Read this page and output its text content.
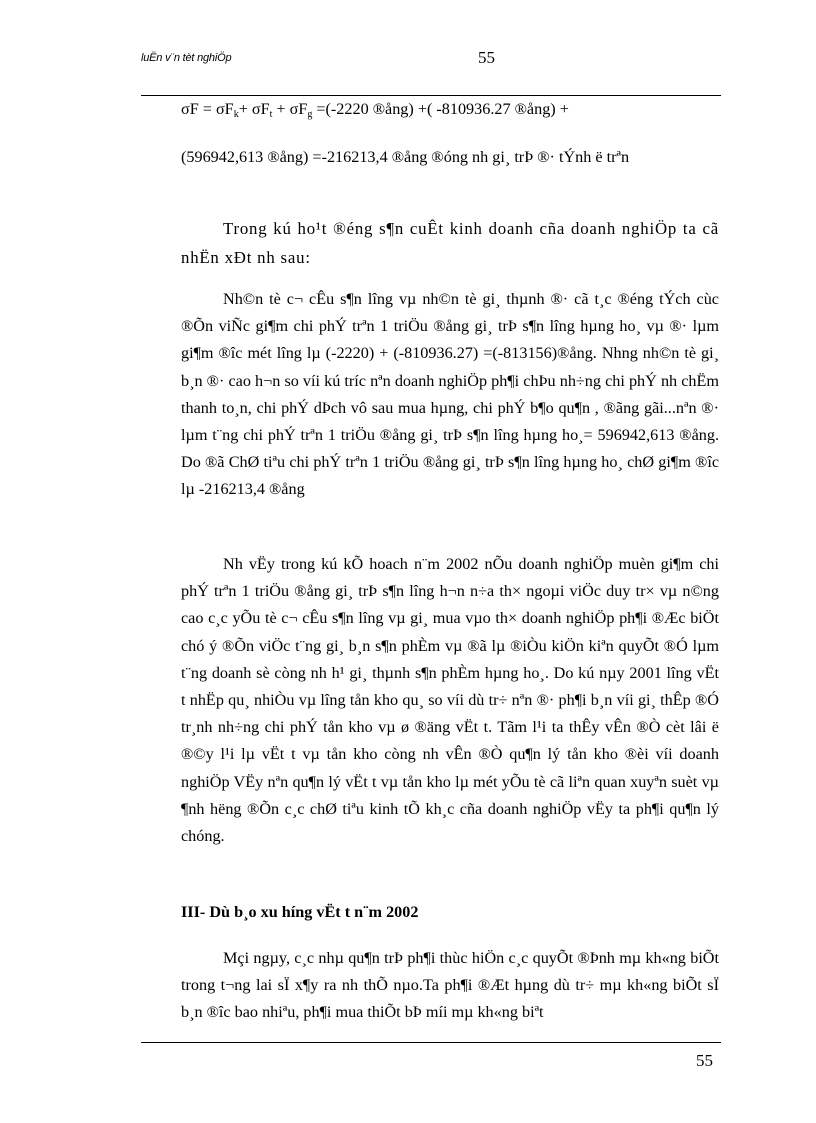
luËn v¨n tèt nghiÖp	55
$\sigma F = \sigma F_k+ \sigma F_t + \sigma F_g =(-2220$ ®ång) +( -810936.27 ®ång) +
(596942,613 ®ång) =-216213,4 ®ång ®óng nh gi¸ trÞ ®· tÝnh ë trªn

Trong kú ho¹t ®éng s¶n cuÊt kinh doanh cña doanh nghiÖp ta cã nhËn xÐt nh sau:

Nh©n tè c¬ cÊu s¶n lîng vµ nh©n tè gi¸ thµnh ®· cã t¸c ®éng tÝch cùc ®Õn viÑc gi¶m chi phÝ trªn 1 triÖu ®ång gi¸ trÞ s¶n lîng hµng ho¸ vµ ®· lµm gi¶m ®îc mét lîng lµ (-2220) + (-810936.27) =(-813156)®ång. Nhng nh©n tè gi¸ b¸n ®· cao h¬n so víi kú tríc nªn doanh nghiÖp ph¶i chÞu nh÷ng chi phÝ nh chËm thanh to¸n, chi phÝ dÞch vô sau mua hµng, chi phÝ b¶o qu¶n , ®ãng gãi...nªn ®· lµm t¨ng chi phÝ trªn 1 triÖu ®ång gi¸ trÞ s¶n lîng hµng ho¸= 596942,613 ®ång. Do ®ã ChØ tiªu chi phÝ trªn 1 triÖu ®ång gi¸ trÞ s¶n lîng hµng ho¸ chØ gi¶m ®îc lµ -216213,4 ®ång

Nh vËy trong kú kÕ hoach n¨m 2002 nÕu doanh nghiÖp muèn gi¶m chi phÝ trªn 1 triÖu ®ång gi¸ trÞ s¶n lîng h¬n n÷a th× ngoµi viÖc duy tr× vµ n©ng cao c¸c yÕu tè c¬ cÊu s¶n lîng vµ gi¸ mua vµo th× doanh nghiÖp ph¶i ®Æc biÖt chó ý ®Õn viÖc t¨ng gi¸ b¸n s¶n phÈm vµ ®ã lµ ®iÒu kiÖn kiªn quyÕt ®Ó lµm t¨ng doanh sè còng nh h¹ gi¸ thµnh s¶n phÈm hµng ho¸. Do kú nµy 2001 lîng vËt t nhËp qu¸ nhiÒu vµ lîng tån kho qu¸ so víi dù tr÷ nªn ®· ph¶i b¸n víi gi¸ thÊp ®Ó tr¸nh nh÷ng chi phÝ tån kho vµ ø ®äng vËt t. Tãm l¹i ta thÊy vÊn ®Ò cèt lâi ë ®©y l¹i lµ vËt t vµ tån kho còng nh vÊn ®Ò qu¶n lý tån kho ®èi víi doanh nghiÖp VËy nªn qu¶n lý vËt t vµ tån kho lµ mét yÕu tè cã liªn quan xuyªn suèt vµ ¶nh hëng ®Õn c¸c chØ tiªu kinh tÕ kh¸c cña doanh nghiÖp vËy ta ph¶i qu¶n lý chóng.

III- Dù b¸o xu híng vËt t n¨m 2002

Mçi ngµy, c¸c nhµ qu¶n trÞ ph¶i thùc hiÖn c¸c quyÕt ®Þnh mµ kh«ng biÕt trong t¬ng lai sÏ x¶y ra nh thÕ nµo.Ta ph¶i ®Æt hµng dù tr÷ mµ kh«ng biÕt sÏ b¸n ®îc bao nhiªu, ph¶i mua thiÕt bÞ míi mµ kh«ng biªt

55
